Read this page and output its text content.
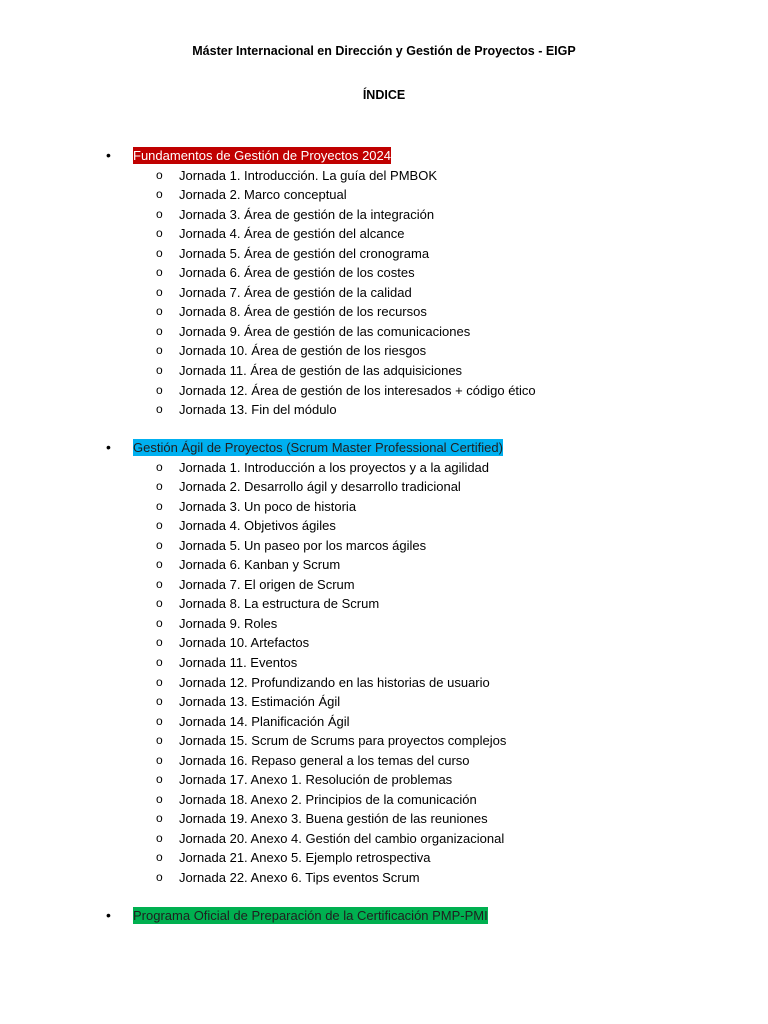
Máster Internacional en Dirección y Gestión de Proyectos - EIGP
ÍNDICE
• Fundamentos de Gestión de Proyectos 2024
o Jornada 1. Introducción. La guía del PMBOK
o Jornada 2. Marco conceptual
o Jornada 3. Área de gestión de la integración
o Jornada 4. Área de gestión del alcance
o Jornada 5. Área de gestión del cronograma
o Jornada 6. Área de gestión de los costes
o Jornada 7. Área de gestión de la calidad
o Jornada 8. Área de gestión de los recursos
o Jornada 9. Área de gestión de las comunicaciones
o Jornada 10. Área de gestión de los riesgos
o Jornada 11. Área de gestión de las adquisiciones
o Jornada 12. Área de gestión de los interesados + código ético
o Jornada 13. Fin del módulo
• Gestión Ágil de Proyectos (Scrum Master Professional Certified)
o Jornada 1. Introducción a los proyectos y a la agilidad
o Jornada 2. Desarrollo ágil y desarrollo tradicional
o Jornada 3. Un poco de historia
o Jornada 4. Objetivos ágiles
o Jornada 5. Un paseo por los marcos ágiles
o Jornada 6. Kanban y Scrum
o Jornada 7. El origen de Scrum
o Jornada 8. La estructura de Scrum
o Jornada 9. Roles
o Jornada 10. Artefactos
o Jornada 11. Eventos
o Jornada 12. Profundizando en las historias de usuario
o Jornada 13. Estimación Ágil
o Jornada 14. Planificación Ágil
o Jornada 15. Scrum de Scrums para proyectos complejos
o Jornada 16. Repaso general a los temas del curso
o Jornada 17. Anexo 1. Resolución de problemas
o Jornada 18. Anexo 2. Principios de la comunicación
o Jornada 19. Anexo 3. Buena gestión de las reuniones
o Jornada 20. Anexo 4. Gestión del cambio organizacional
o Jornada 21. Anexo 5. Ejemplo retrospectiva
o Jornada 22. Anexo 6. Tips eventos Scrum
• Programa Oficial de Preparación de la Certificación PMP-PMI
